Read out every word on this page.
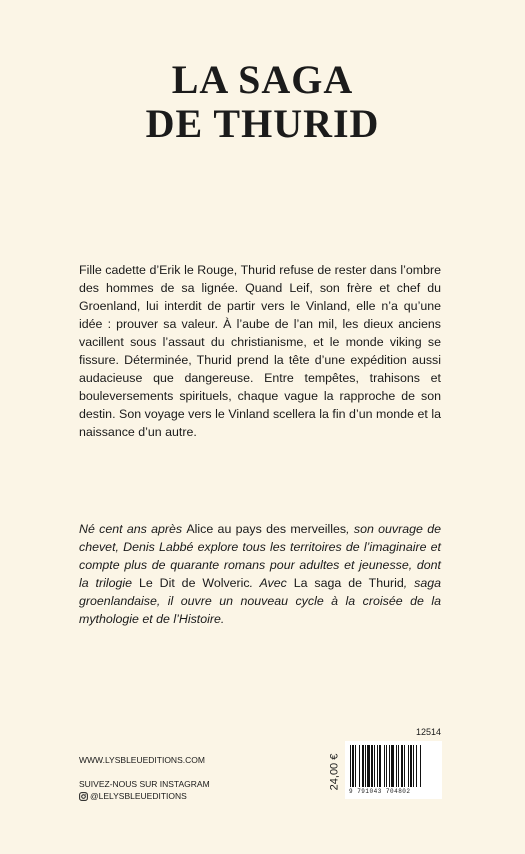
LA SAGA
DE THURID

Fille cadette d’Erik le Rouge, Thurid refuse de rester dans l’ombre des hommes de sa lignée. Quand Leif, son frère et chef du Groenland, lui interdit de partir vers le Vinland, elle n’a qu’une idée : prouver sa valeur. À l’aube de l’an mil, les dieux anciens vacillent sous l’assaut du christianisme, et le monde viking se fissure. Déterminée, Thurid prend la tête d’une expédition aussi audacieuse que dangereuse. Entre tempêtes, trahisons et bouleversements spirituels, chaque vague la rapproche de son destin. Son voyage vers le Vinland scellera la fin d’un monde et la naissance d’un autre.

Né cent ans après Alice au pays des merveilles, son ouvrage de chevet, Denis Labbé explore tous les territoires de l’imaginaire et compte plus de quarante romans pour adultes et jeunesse, dont la trilogie Le Dit de Wolveric. Avec La saga de Thurid, saga groenlandaise, il ouvre un nouveau cycle à la croisée de la mythologie et de l’Histoire.

12514
WWW.LYSBLEUEDITIONS.COM
SUIVEZ-NOUS SUR INSTAGRAM
@LELYSBLEUEDITIONS
24,00 €
9 791043 704802
